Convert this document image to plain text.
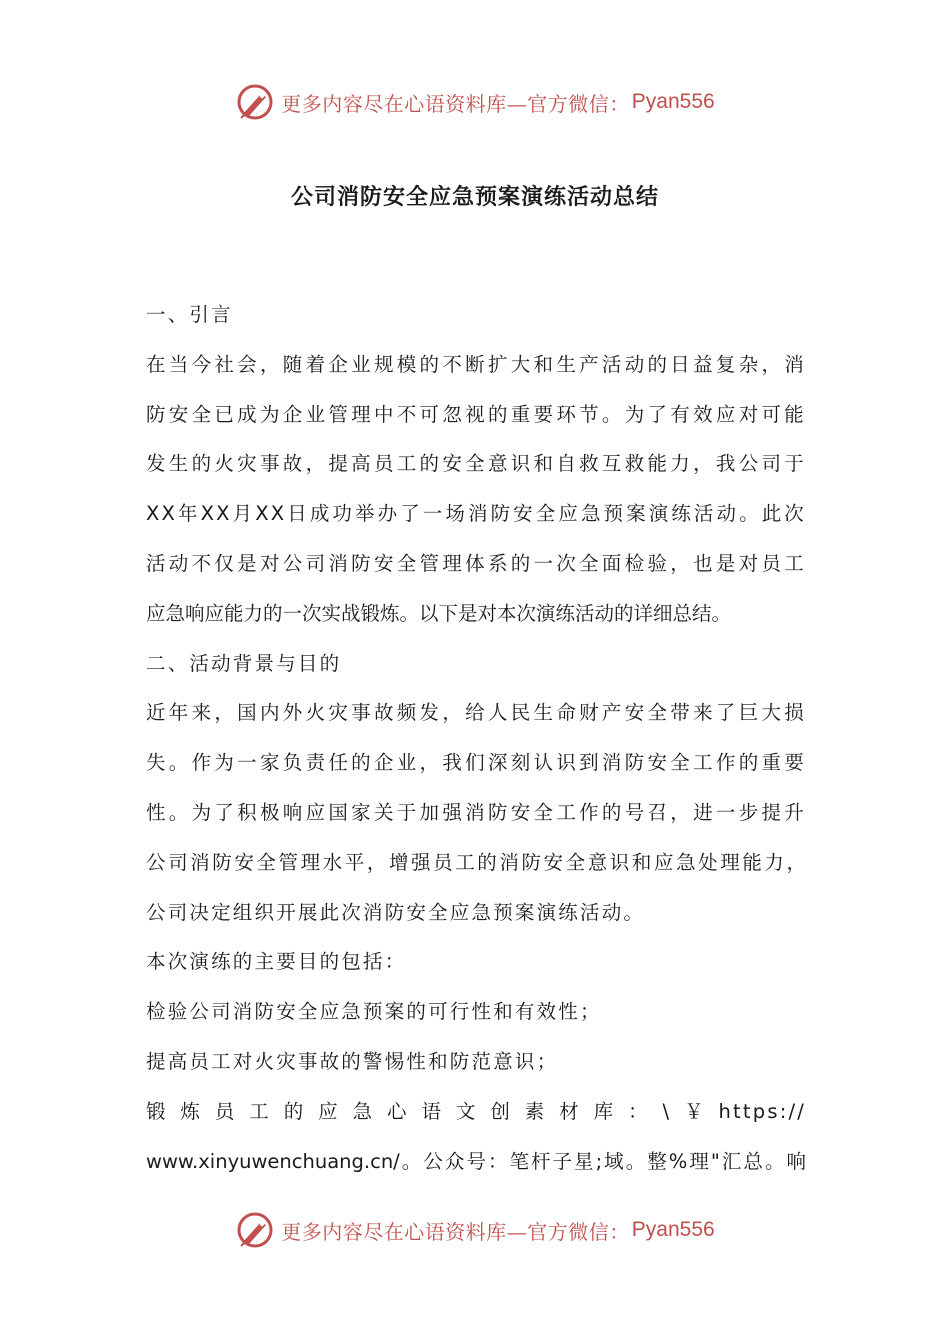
更多内容尽在心语资料库—官方微信： Pyan556
公司消防安全应急预案演练活动总结
一、引言
在当今社会，随着企业规模的不断扩大和生产活动的日益复杂，消
防安全已成为企业管理中不可忽视的重要环节。为了有效应对可能
发生的火灾事故，提高员工的安全意识和自救互救能力，我公司于
XX年XX月XX日成功举办了一场消防安全应急预案演练活动。此次
活动不仅是对公司消防安全管理体系的一次全面检验，也是对员工
应急响应能力的一次实战锻炼。以下是对本次演练活动的详细总结。
二、活动背景与目的
近年来，国内外火灾事故频发，给人民生命财产安全带来了巨大损
失。作为一家负责任的企业，我们深刻认识到消防安全工作的重要
性。为了积极响应国家关于加强消防安全工作的号召，进一步提升
公司消防安全管理水平，增强员工的消防安全意识和应急处理能力，
公司决定组织开展此次消防安全应急预案演练活动。
本次演练的主要目的包括：
检验公司消防安全应急预案的可行性和有效性；
提高员工对火灾事故的警惕性和防范意识；
锻炼员工的应急心语文创素材库：\￥https://
www.xinyuwenchuang.cn/。公众号：笔杆子星;域。整%理"汇总。响
更多内容尽在心语资料库—官方微信： Pyan556
